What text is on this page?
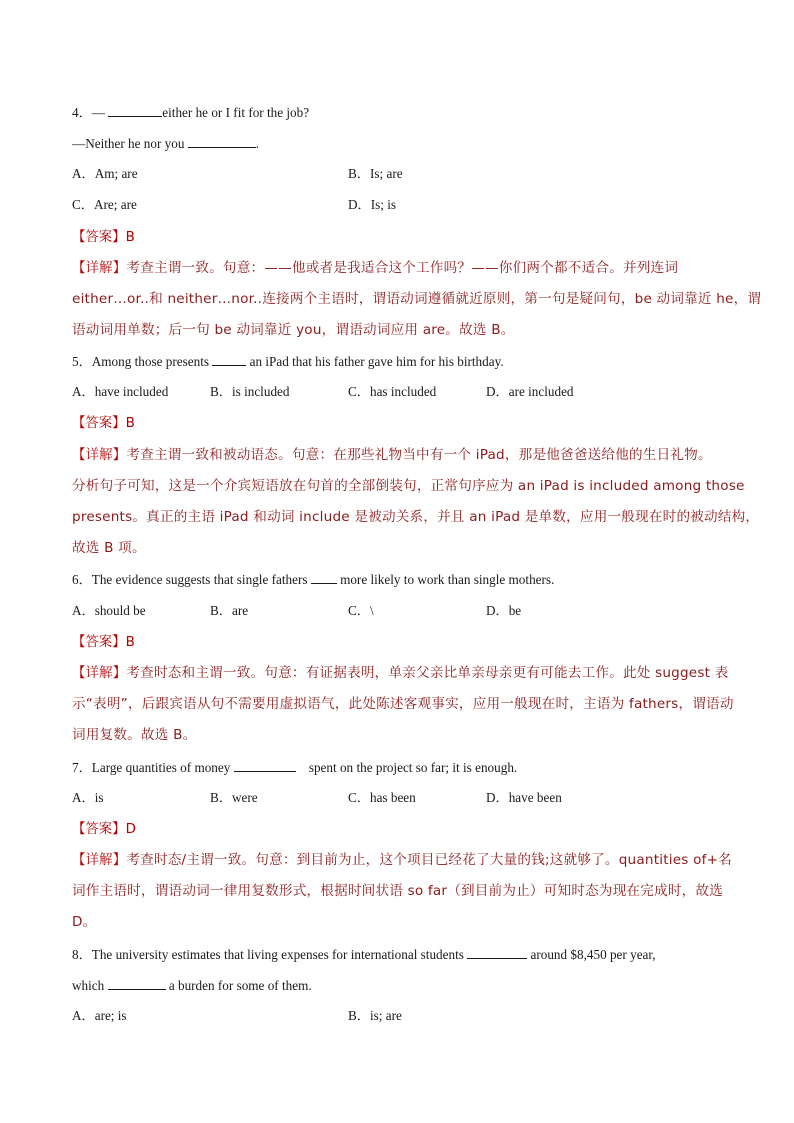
4．—	either he or I fit for the job?
—Neither he nor you	.
A．Am; are	B．Is; are
C．Are; are	D．Is; is
【答案】B
【详解】考查主谓一致。句意：——他或者是我适合这个工作吗？——你们两个都不适合。并列连词
either…or..和 neither…nor..连接两个主语时，谓语动词遵循就近原则，第一句是疑问句，be 动词靠近 he，谓
语动词用单数；后一句 be 动词靠近 you，谓语动词应用 are。故选 B。
5．Among those presents	an iPad that his father gave him for his birthday.
A．have included	B．is included	C．has included	D．are included
【答案】B
【详解】考查主谓一致和被动语态。句意：在那些礼物当中有一个 iPad，那是他爸爸送给他的生日礼物。
分析句子可知，这是一个介宾短语放在句首的全部倒装句，正常句序应为 an iPad is included among those
presents。真正的主语 iPad 和动词 include 是被动关系，并且 an iPad 是单数，应用一般现在时的被动结构，
故选 B 项。
6．The evidence suggests that single fathers  more likely to work than single mothers.
A．should be	B．are	C．\	D．be
【答案】B
【详解】考查时态和主谓一致。句意：有证据表明，单亲父亲比单亲母亲更有可能去工作。此处 suggest 表
示“表明”，后跟宾语从句不需要用虚拟语气，此处陈述客观事实，应用一般现在时，主语为 fathers，谓语动
词用复数。故选 B。
7．Large quantities of money	spent on the project so far; it is enough.
A．is	B．were	C．has been	D．have been
【答案】D
【详解】考查时态/主谓一致。句意：到目前为止，这个项目已经花了大量的钱;这就够了。quantities of+名
词作主语时，谓语动词一律用复数形式，根据时间状语 so far（到目前为止）可知时态为现在完成时，故选
D。
8．The university estimates that living expenses for international students	around $8,450 per year,
which	a burden for some of them.
A．are; is	B．is; are
